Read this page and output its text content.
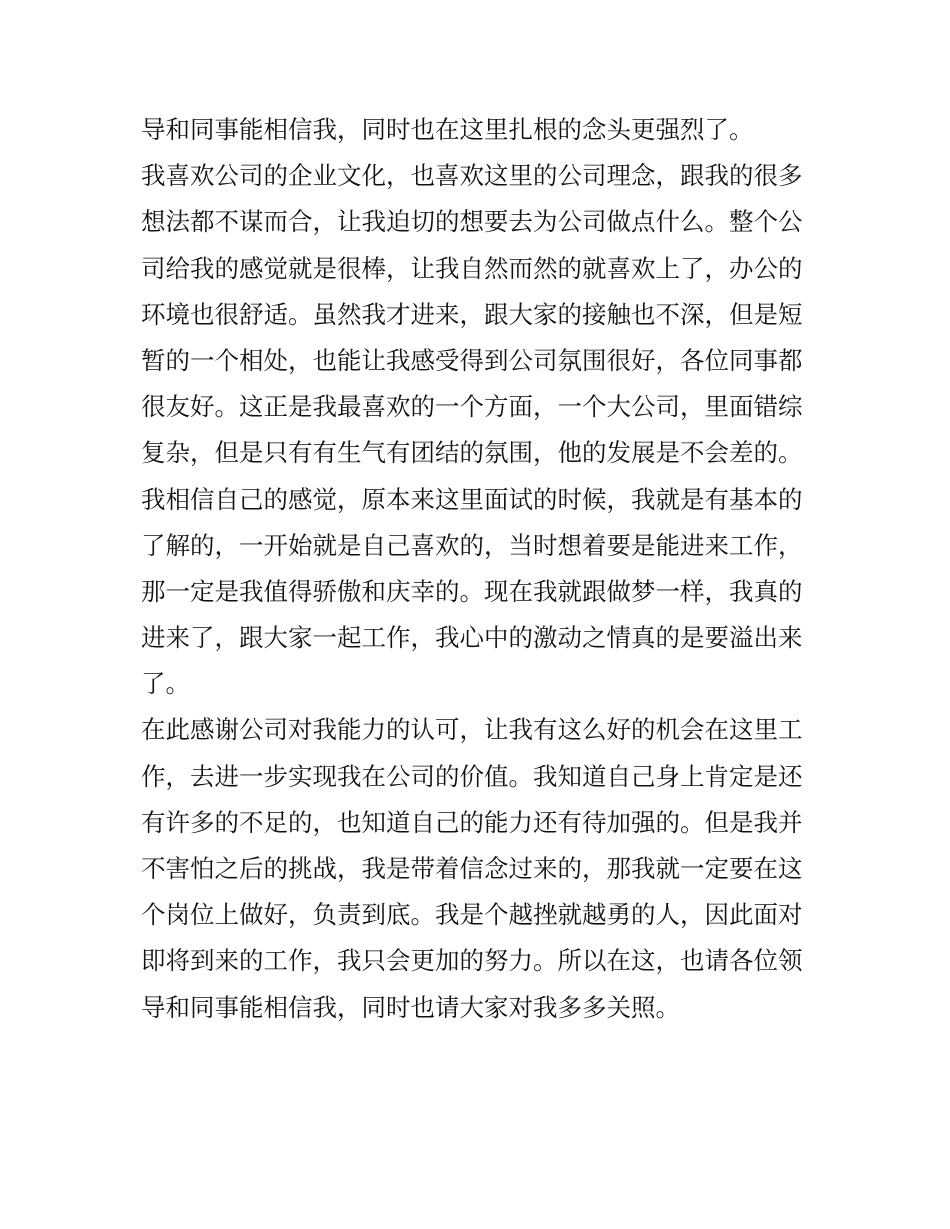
导和同事能相信我，同时也在这里扎根的念头更强烈了。
我喜欢公司的企业文化，也喜欢这里的公司理念，跟我的很多
想法都不谋而合，让我迫切的想要去为公司做点什么。整个公
司给我的感觉就是很棒，让我自然而然的就喜欢上了，办公的
环境也很舒适。虽然我才进来，跟大家的接触也不深，但是短
暂的一个相处，也能让我感受得到公司氛围很好，各位同事都
很友好。这正是我最喜欢的一个方面，一个大公司，里面错综
复杂，但是只有有生气有团结的氛围，他的发展是不会差的。
我相信自己的感觉，原本来这里面试的时候，我就是有基本的
了解的，一开始就是自己喜欢的，当时想着要是能进来工作，
那一定是我值得骄傲和庆幸的。现在我就跟做梦一样，我真的
进来了，跟大家一起工作，我心中的激动之情真的是要溢出来
了。
在此感谢公司对我能力的认可，让我有这么好的机会在这里工
作，去进一步实现我在公司的价值。我知道自己身上肯定是还
有许多的不足的，也知道自己的能力还有待加强的。但是我并
不害怕之后的挑战，我是带着信念过来的，那我就一定要在这
个岗位上做好，负责到底。我是个越挫就越勇的人，因此面对
即将到来的工作，我只会更加的努力。所以在这，也请各位领
导和同事能相信我，同时也请大家对我多多关照。
